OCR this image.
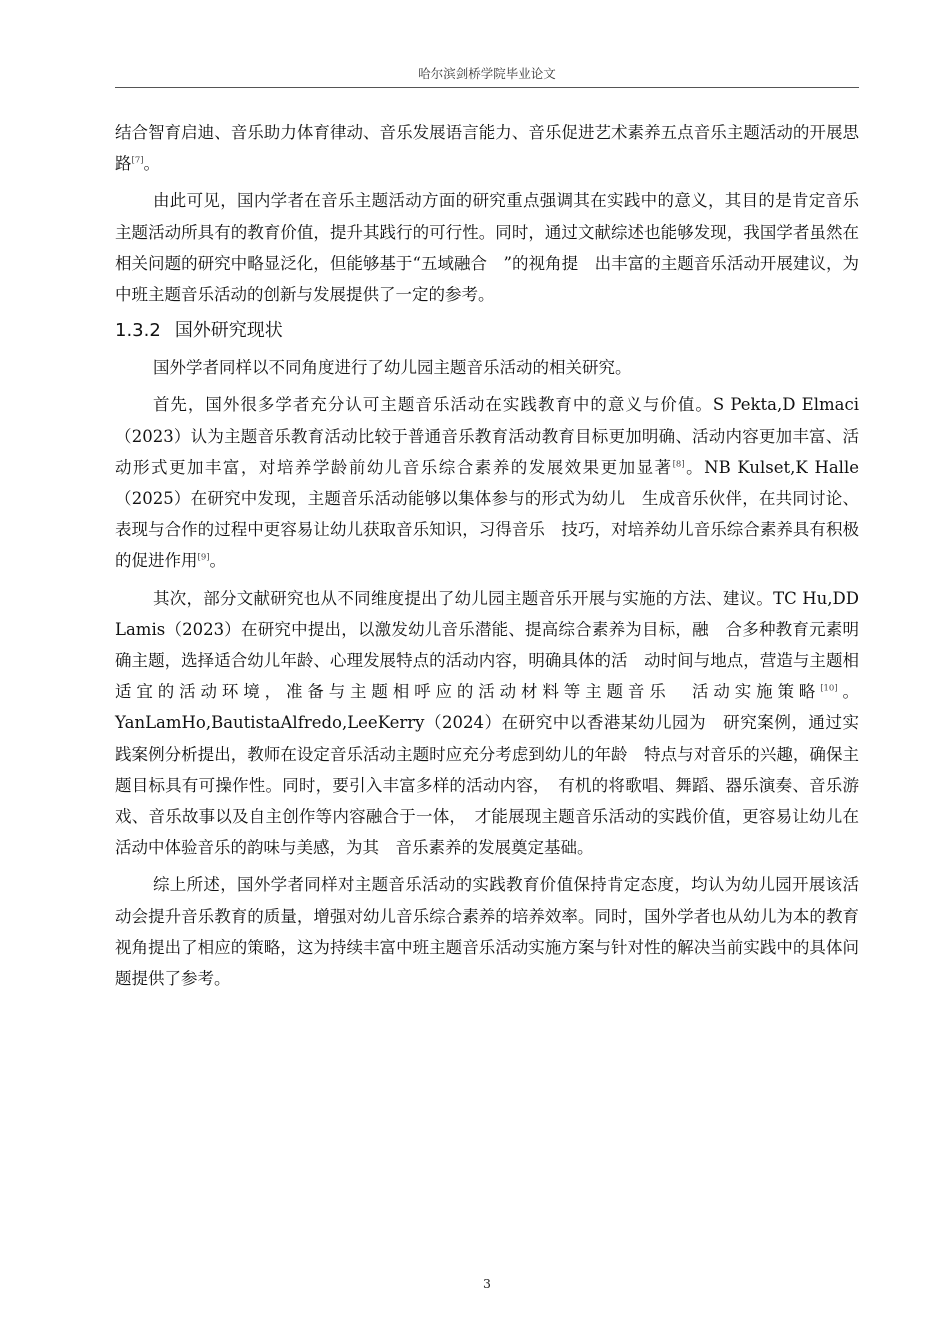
哈尔滨剑桥学院毕业论文

结合智育启迪、音乐助力体育律动、音乐发展语言能力、音乐促进艺术素养五点音乐主题活动的开展思路[7]。

由此可见，国内学者在音乐主题活动方面的研究重点强调其在实践中的意义，其目的是肯定音乐主题活动所具有的教育价值，提升其践行的可行性。同时，通过文献综述也能够发现，我国学者虽然在相关问题的研究中略显泛化，但能够基于“五域融合　”的视角提　出丰富的主题音乐活动开展建议，为中班主题音乐活动的创新与发展提供了一定的参考。

1.3.2 国外研究现状

国外学者同样以不同角度进行了幼儿园主题音乐活动的相关研究。

首先，国外很多学者充分认可主题音乐活动在实践教育中的意义与价值。S Pekta,D Elmaci（2023）认为主题音乐教育活动比较于普通音乐教育活动教育目标更加明确、活动内容更加丰富、活动形式更加丰富，对培养学龄前幼儿音乐综合素养的发展效果更加显著[8]。NB Kulset,K Halle（2025）在研究中发现，主题音乐活动能够以集体参与的形式为幼儿　生成音乐伙伴，在共同讨论、表现与合作的过程中更容易让幼儿获取音乐知识，习得音乐　技巧，对培养幼儿音乐综合素养具有积极的促进作用[9]。

其次，部分文献研究也从不同维度提出了幼儿园主题音乐开展与实施的方法、建议。TC Hu,DD Lamis（2023）在研究中提出，以激发幼儿音乐潜能、提高综合素养为目标，融　合多种教育元素明确主题，选择适合幼儿年龄、心理发展特点的活动内容，明确具体的活　动时间与地点，营造与主题相适宜的活动环境，准备与主题相呼应的活动材料等主题音乐　活动实施策略[10]。YanLamHo,BautistaAlfredo,LeeKerry（2024）在研究中以香港某幼儿园为　研究案例，通过实践案例分析提出，教师在设定音乐活动主题时应充分考虑到幼儿的年龄　特点与对音乐的兴趣，确保主题目标具有可操作性。同时，要引入丰富多样的活动内容，　有机的将歌唱、舞蹈、器乐演奏、音乐游戏、音乐故事以及自主创作等内容融合于一体，　才能展现主题音乐活动的实践价值，更容易让幼儿在活动中体验音乐的韵味与美感，为其　音乐素养的发展奠定基础。

综上所述，国外学者同样对主题音乐活动的实践教育价值保持肯定态度，均认为幼儿园开展该活动会提升音乐教育的质量，增强对幼儿音乐综合素养的培养效率。同时，国外学者也从幼儿为本的教育视角提出了相应的策略，这为持续丰富中班主题音乐活动实施方案与针对性的解决当前实践中的具体问题提供了参考。

3
